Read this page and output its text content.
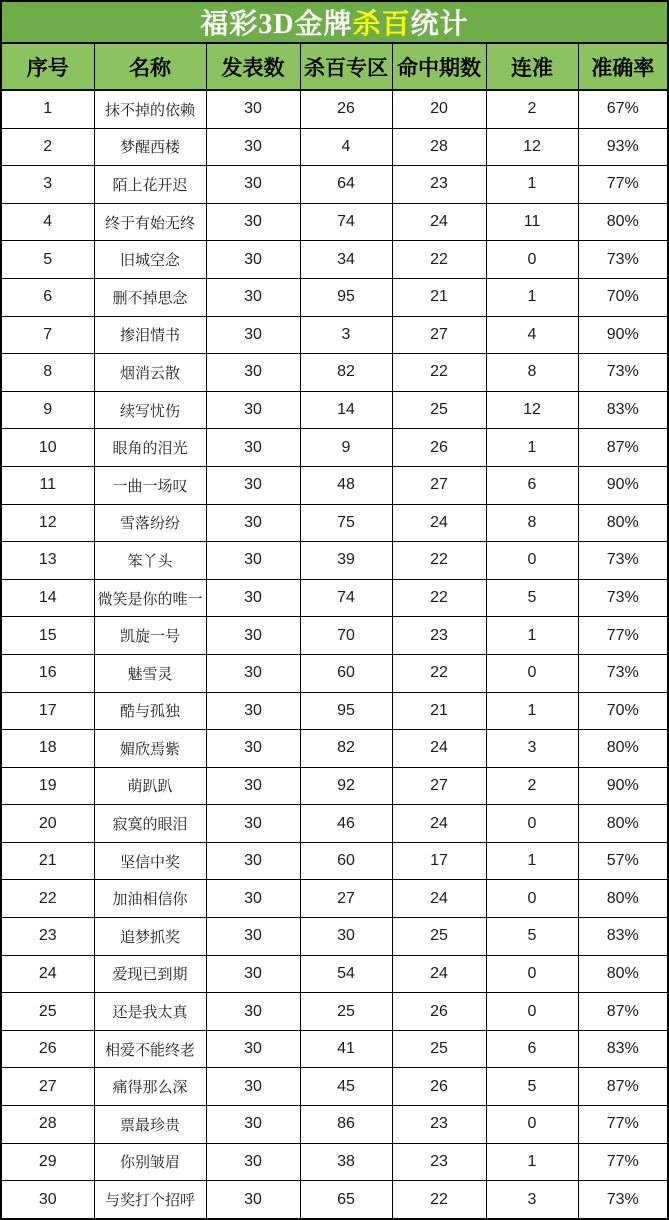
福彩3D金牌杀百统计						
序号	名称	发表数	杀百专区	命中期数	连准	准确率
1	抹不掉的依赖	30	26	20	2	67%
2	梦醒西楼	30	4	28	12	93%
3	陌上花开迟	30	64	23	1	77%
4	终于有始无终	30	74	24	11	80%
5	旧城空念	30	34	22	0	73%
6	删不掉思念	30	95	21	1	70%
7	掺泪情书	30	3	27	4	90%
8	烟消云散	30	82	22	8	73%
9	续写忧伤	30	14	25	12	83%
10	眼角的泪光	30	9	26	1	87%
11	一曲一场叹	30	48	27	6	90%
12	雪落纷纷	30	75	24	8	80%
13	笨丫头	30	39	22	0	73%
14	微笑是你的唯一	30	74	22	5	73%
15	凯旋一号	30	70	23	1	77%
16	魅雪灵	30	60	22	0	73%
17	酷与孤独	30	95	21	1	70%
18	媚欣焉紫	30	82	24	3	80%
19	萌趴趴	30	92	27	2	90%
20	寂寞的眼泪	30	46	24	0	80%
21	坚信中奖	30	60	17	1	57%
22	加油相信你	30	27	24	0	80%
23	追梦抓奖	30	30	25	5	83%
24	爱现已到期	30	54	24	0	80%
25	还是我太真	30	25	26	0	87%
26	相爱不能终老	30	41	25	6	83%
27	痛得那么深	30	45	26	5	87%
28	票最珍贵	30	86	23	0	77%
29	你别皱眉	30	38	23	1	77%
30	与奖打个招呼	30	65	22	3	73%
